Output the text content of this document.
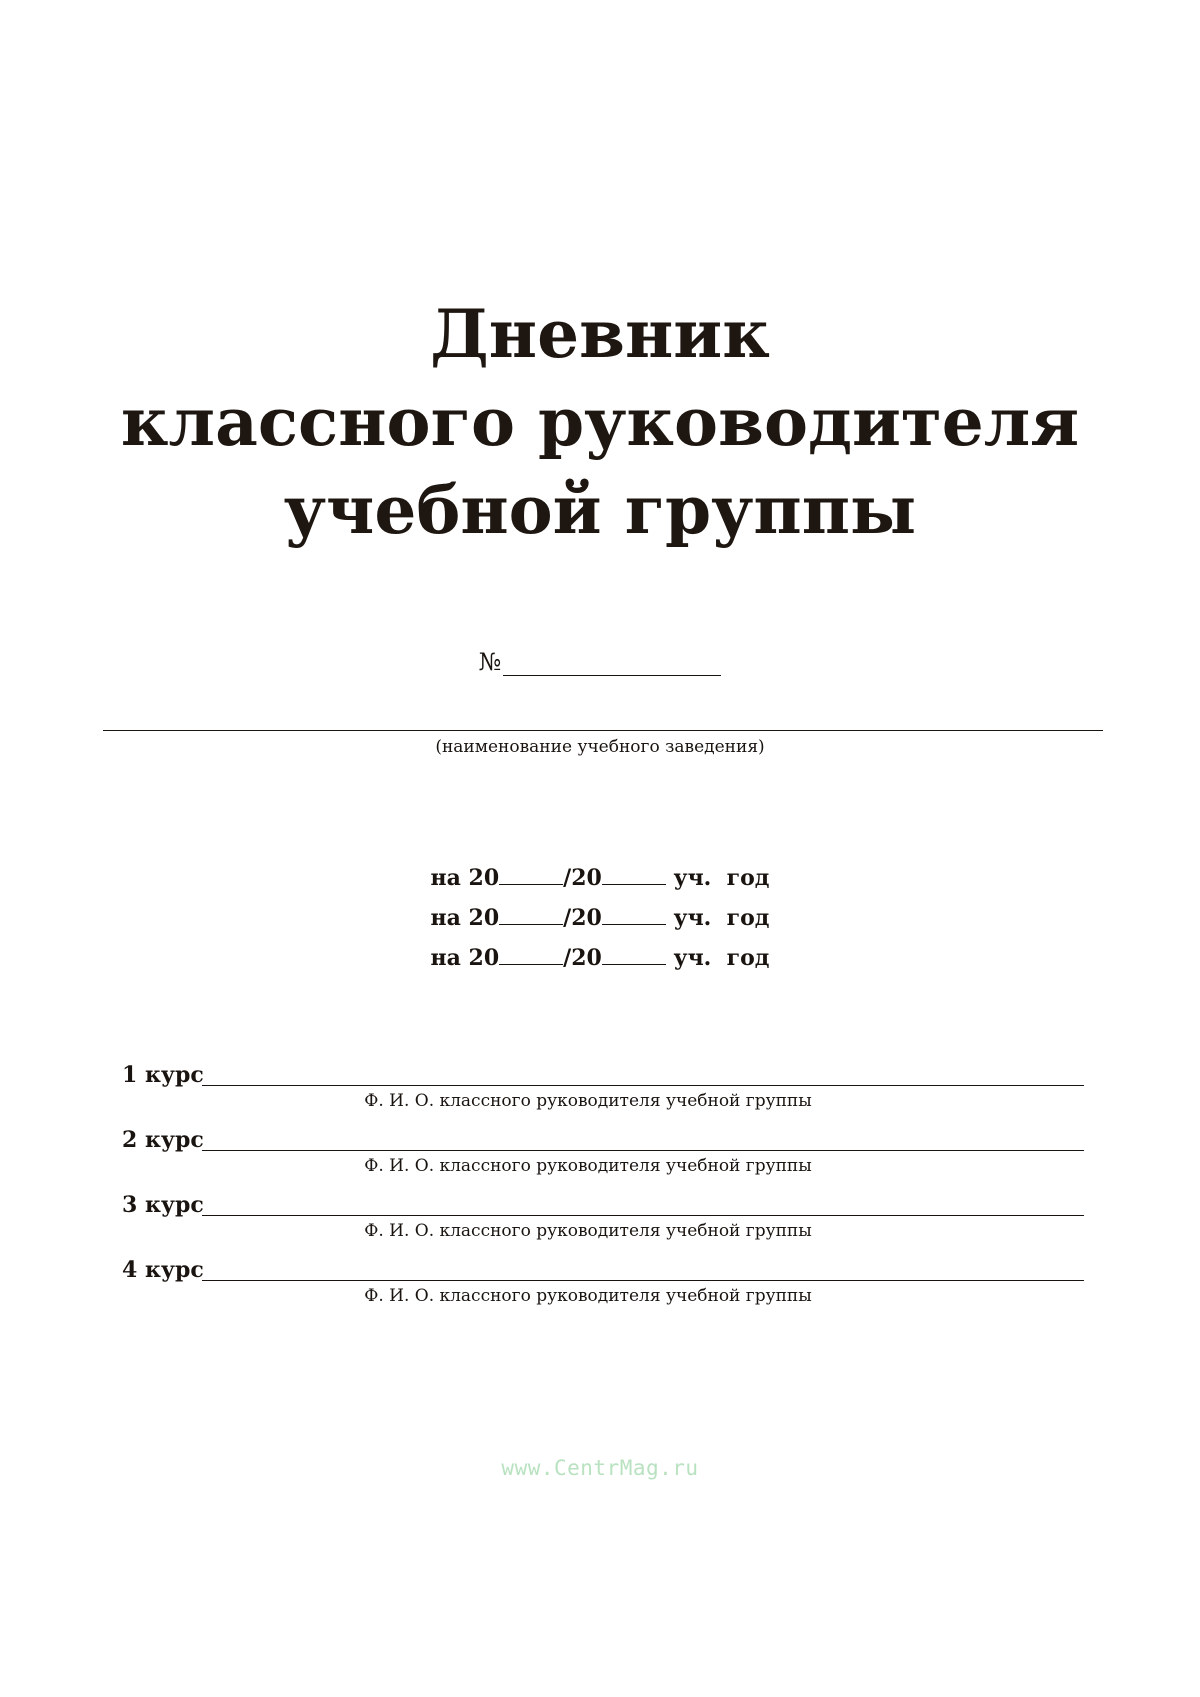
Дневник
классного руководителя
учебной группы
№
(наименование учебного заведения)
на 20	/20	уч.  год
на 20	/20	уч.  год
на 20	/20	уч.  год
1 курс
Ф. И. О. классного руководителя учебной группы
2 курс
Ф. И. О. классного руководителя учебной группы
3 курс
Ф. И. О. классного руководителя учебной группы
4 курс
Ф. И. О. классного руководителя учебной группы
www.CentrMag.ru
